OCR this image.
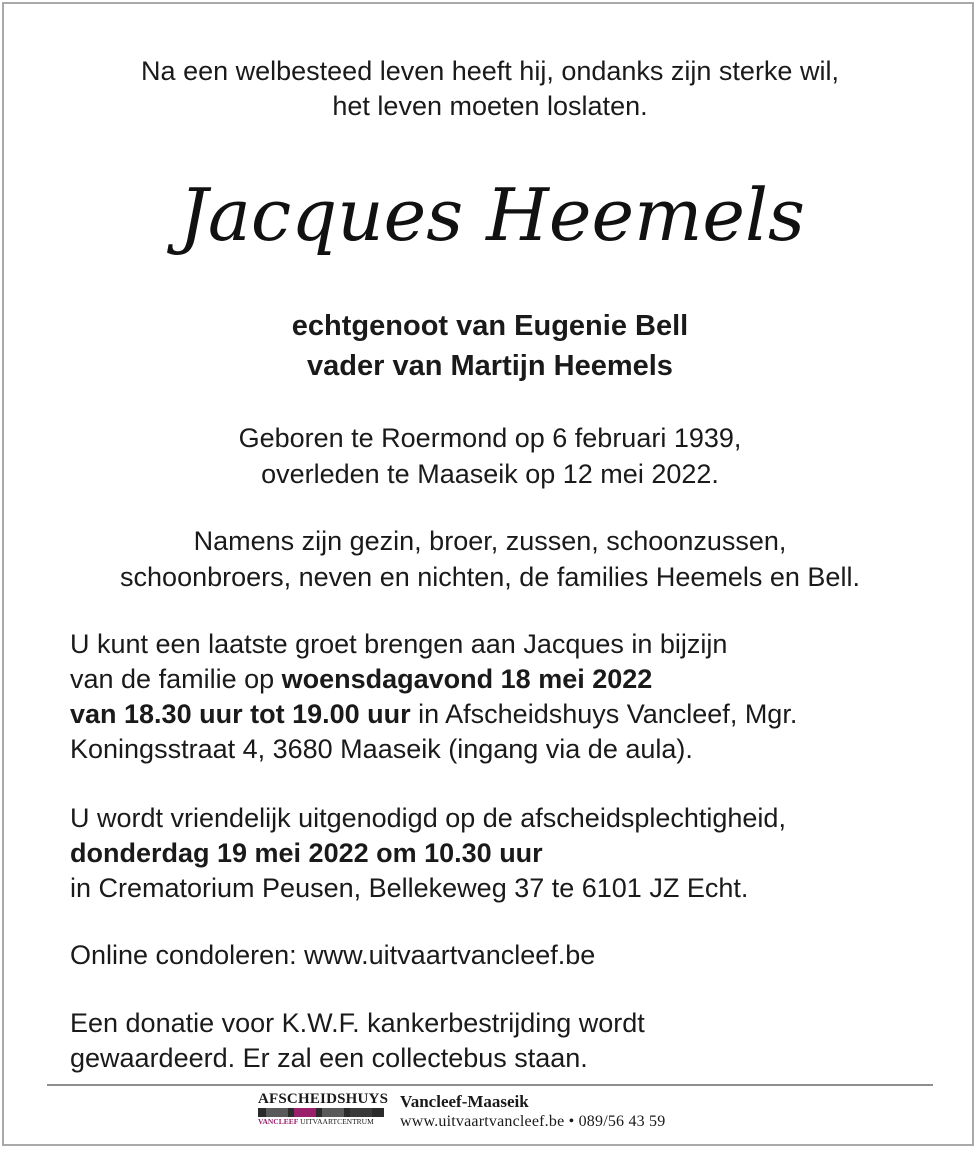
Na een welbesteed leven heeft hij, ondanks zijn sterke wil,
het leven moeten loslaten.
Jacques Heemels
echtgenoot van Eugenie Bell
vader van Martijn Heemels
Geboren te Roermond op 6 februari 1939,
overleden te Maaseik op 12 mei 2022.
Namens zijn gezin, broer, zussen, schoonzussen,
schoonbroers, neven en nichten, de families Heemels en Bell.
U kunt een laatste groet brengen aan Jacques in bijzijn
van de familie op woensdagavond 18 mei 2022
van 18.30 uur tot 19.00 uur in Afscheidshuys Vancleef, Mgr.
Koningsstraat 4, 3680 Maaseik (ingang via de aula).
U wordt vriendelijk uitgenodigd op de afscheidsplechtigheid,
donderdag 19 mei 2022 om 10.30 uur
in Crematorium Peusen, Bellekeweg 37 te 6101 JZ Echt.
Online condoleren: www.uitvaartvancleef.be
Een donatie voor K.W.F. kankerbestrijding wordt
gewaardeerd. Er zal een collectebus staan.
AFSCHEIDSHUYS
VANCLEEF UITVAARTCENTRUM
Vancleef-Maaseik
www.uitvaartvancleef.be • 089/56 43 59
